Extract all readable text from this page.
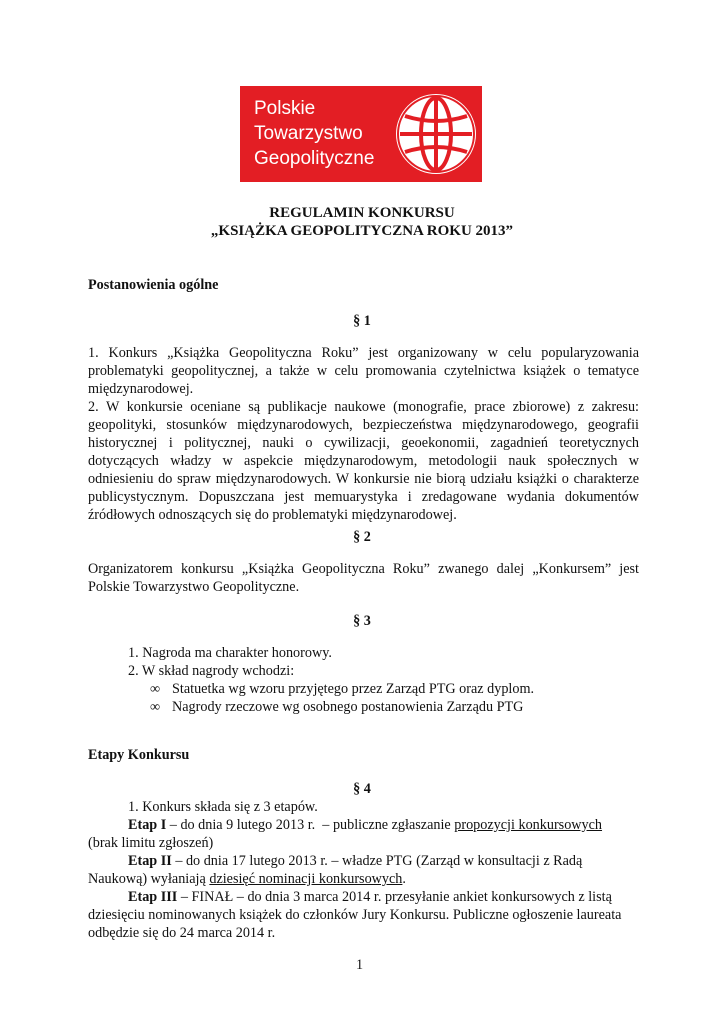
Polskie
Towarzystwo
Geopolityczne
REGULAMIN KONKURSU
„KSIĄŻKA GEOPOLITYCZNA ROKU 2013”
Postanowienia ogólne
§ 1
1. Konkurs „Książka Geopolityczna Roku” jest organizowany w celu popularyzowania problematyki geopolitycznej, a także w celu promowania czytelnictwa książek o tematyce międzynarodowej.
2. W konkursie oceniane są publikacje naukowe (monografie, prace zbiorowe) z zakresu: geopolityki, stosunków międzynarodowych, bezpieczeństwa międzynarodowego, geografii historycznej i politycznej, nauki o cywilizacji, geoekonomii, zagadnień teoretycznych dotyczących władzy w aspekcie międzynarodowym, metodologii nauk społecznych w odniesieniu do spraw międzynarodowych. W konkursie nie biorą udziału książki o charakterze publicystycznym. Dopuszczana jest memuarystyka i zredagowane wydania dokumentów źródłowych odnoszących się do problematyki międzynarodowej.
§ 2
Organizatorem konkursu „Książka Geopolityczna Roku” zwanego dalej „Konkursem” jest Polskie Towarzystwo Geopolityczne.
§ 3
1. Nagroda ma charakter honorowy.
2. W skład nagrody wchodzi:
∞ Statuetka wg wzoru przyjętego przez Zarząd PTG oraz dyplom.
∞ Nagrody rzeczowe wg osobnego postanowienia Zarządu PTG
Etapy Konkursu
§ 4
1. Konkurs składa się z 3 etapów.
Etap I – do dnia 9 lutego 2013 r.  – publiczne zgłaszanie propozycji konkursowych
(brak limitu zgłoszeń)
Etap II – do dnia 17 lutego 2013 r. – władze PTG (Zarząd w konsultacji z Radą
Naukową) wyłaniają dziesięć nominacji konkursowych.
Etap III – FINAŁ – do dnia 3 marca 2014 r. przesyłanie ankiet konkursowych z listą
dziesięciu nominowanych książek do członków Jury Konkursu. Publiczne ogłoszenie laureata
odbędzie się do 24 marca 2014 r.
1
